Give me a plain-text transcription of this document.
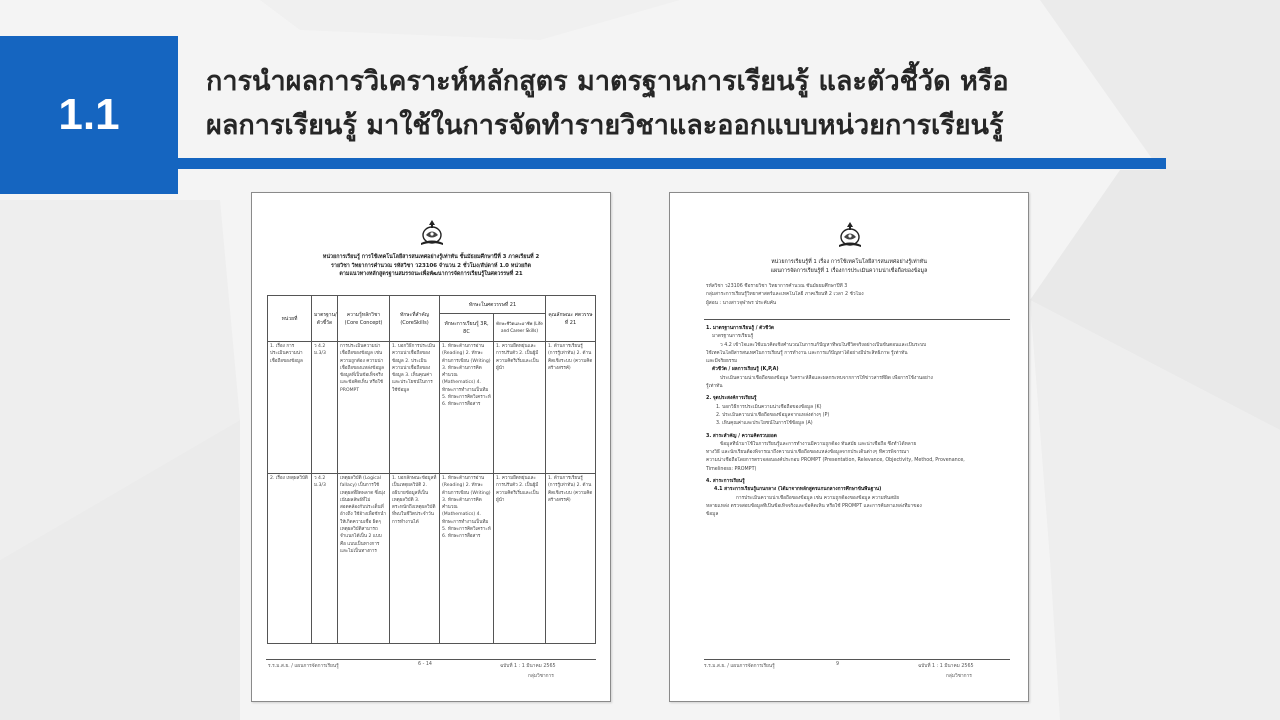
1.1
การนำผลการวิเคราะห์หลักสูตร มาตรฐานการเรียนรู้ และตัวชี้วัด หรือ
ผลการเรียนรู้ มาใช้ในการจัดทำรายวิชาและออกแบบหน่วยการเรียนรู้
หน่วยการเรียนรู้ การใช้เทคโนโลยีสารสนเทศอย่างรู้เท่าทัน ชั้นมัธยมศึกษาปีที่ 3 ภาคเรียนที่ 2
รายวิชา วิทยาการคำนวณ รหัสวิชา ว23106 จำนวน 2 ชั่วโมง/สัปดาห์ 1.0 หน่วยกิต
ตามแนวทางหลักสูตรฐานสมรรถนะเพื่อพัฒนาการจัดการเรียนรู้ในศตวรรษที่ 21
หน่วยที่	มาตรฐาน/ตัวชี้วัด	ความรู้หลักวิชา (Core Concept)	ทักษะที่สำคัญ (CoreSkills)	ทักษะในศตวรรษที่ 21		คุณลักษณะ ศตวรรษที่ 21
				ทักษะการเรียนรู้ 3R, 8C	ทักษะชีวิตและอาชีพ (Life and Career Skills)	
1. เรื่อง การประเมินความน่าเชื่อถือของข้อมูล	ว 4.2 ม.3/3	การประเมินความน่าเชื่อถือของข้อมูล เช่น ความถูกต้อง ความน่าเชื่อถือของแหล่งข้อมูล ข้อมูลที่เป็นข้อเท็จจริง และข้อคิดเห็น หรือใช้ PROMPT	1. บอกวิธีการประเมินความน่าเชื่อถือของข้อมูล 2. ประเมินความน่าเชื่อถือของข้อมูล 3. เห็นคุณค่าและประโยชน์ในการใช้ข้อมูล	1. ทักษะด้านการอ่าน (Reading) 2. ทักษะด้านการเขียน (Writing) 3. ทักษะด้านการคิดคำนวณ (Mathematics) 4. ทักษะการทำงานเป็นทีม 5. ทักษะการคิดวิเคราะห์ 6. ทักษะการสื่อสาร	1. ความยืดหยุ่นและการปรับตัว 2. เป็นผู้มีความคิดริเริ่มและเป็นผู้นำ	1. ด้านการเรียนรู้ (การรู้เท่าทัน) 2. ด้านคิดเชิงระบบ (ความคิดสร้างสรรค์)
2. เรื่อง เหตุผลวิบัติ	ว 4.2 ม.3/3	เหตุผลวิบัติ (Logical fallacy) เป็นการใช้เหตุผลที่ผิดพลาด ซึ่งมุ่งเน้นผลลัพธ์ที่ไม่สอดคล้องกับประเด็นที่อ้างถึง ใช้อ้างเพื่อชักนำให้เกิดความเชื่อ ผิดๆ เหตุผลวิบัติสามารถจำแนกได้เป็น 2 แบบ คือ แบบเป็นทางการและไม่เป็นทางการ	1. บอกลักษณะข้อมูลที่เป็นเหตุผลวิบัติ 2. อธิบายข้อมูลที่เป็นเหตุผลวิบัติ 3. ตระหนักถึงเหตุผลวิบัติที่พบในชีวิตประจำวัน การทำงานได้	1. ทักษะด้านการอ่าน (Reading) 2. ทักษะด้านการเขียน (Writing) 3. ทักษะด้านการคิดคำนวณ (Mathematics) 4. ทักษะการทำงานเป็นทีม 5. ทักษะการคิดวิเคราะห์ 6. ทักษะการสื่อสาร	1. ความยืดหยุ่นและการปรับตัว 2. เป็นผู้มีความคิดริเริ่มและเป็นผู้นำ	1. ด้านการเรียนรู้ (การรู้เท่าทัน) 2. ด้านคิดเชิงระบบ (ความคิดสร้างสรรค์)
ร.ร.ม.ส.ย. / แผนการจัดการเรียนรู้	6 - 14	ฉบับที่ 1 : 1 มีนาคม 2565
กลุ่มวิชาการ
หน่วยการเรียนรู้ที่ 1 เรื่อง การใช้เทคโนโลยีสารสนเทศอย่างรู้เท่าทัน
แผนการจัดการเรียนรู้ที่ 1 เรื่องการประเมินความน่าเชื่อถือของข้อมูล
รหัสวิชา ว23106 ชื่อรายวิชา วิทยาการคำนวณ ชั้นมัธยมศึกษาปีที่ 3
กลุ่มสาระการเรียนรู้วิทยาศาสตร์และเทคโนโลยี ภาคเรียนที่ 2 เวลา 2 ชั่วโมง
ผู้สอน : นางสาวจุฬาพร ประคับคัน
1. มาตรฐานการเรียนรู้ / ตัวชี้วัด
มาตรฐานการเรียนรู้
ว 4.2 เข้าใจและใช้แนวคิดเชิงคำนวณในการแก้ปัญหาที่พบในชีวิตจริงอย่างเป็นขั้นตอนและเป็นระบบ
ใช้เทคโนโลยีสารสนเทศในการเรียนรู้ การทำงาน และการแก้ปัญหาได้อย่างมีประสิทธิภาพ รู้เท่าทัน
และมีจริยธรรม
ตัวชี้วัด / ผลการเรียนรู้ (K,P,A)
ประเมินความน่าเชื่อถือของข้อมูล วิเคราะห์สื่อและผลกระทบจากการให้ข่าวสารที่ผิด เพื่อการใช้งานอย่าง
รู้เท่าทัน
2. จุดประสงค์การเรียนรู้
1. บอกวิธีการประเมินความน่าเชื่อถือของข้อมูล (K)
2. ประเมินความน่าเชื่อถือของข้อมูลจากแหล่งต่างๆ (P)
3. เห็นคุณค่าและประโยชน์ในการใช้ข้อมูล (A)
3. สาระสำคัญ / ความคิดรวบยอด
ข้อมูลที่นำมาใช้ในการเรียนรู้และการทำงานมีความถูกต้อง ทันสมัย และน่าเชื่อถือ ซึ่งทำได้หลาย
ทางวิธี และนักเรียนต้องพิจารณาถึงความน่าเชื่อถือของแหล่งข้อมูลจากประเด็นต่างๆ ที่ควรพิจารณา
ความน่าเชื่อถือโดยการตรวจสอบองค์ประกอบ PROMPT (Presentation, Relevance, Objectivity, Method, Provenance,
Timeliness: PROMPT)
4. สาระการเรียนรู้
4.1 สาระการเรียนรู้แกนกลาง (ได้มาจากหลักสูตรแกนกลางการศึกษาขั้นพื้นฐาน)
การประเมินความน่าเชื่อถือของข้อมูล เช่น ความถูกต้องของข้อมูล ความทันสมัย
หลายแหล่ง ตรวจสอบข้อมูลที่เป็นข้อเท็จจริงและข้อคิดเห็น หรือใช้ PROMPT และการค้นหาแหล่งที่มาของ
ข้อมูล
ร.ร.ม.ส.ย. / แผนการจัดการเรียนรู้	9	ฉบับที่ 1 : 1 มีนาคม 2565
กลุ่มวิชาการ
